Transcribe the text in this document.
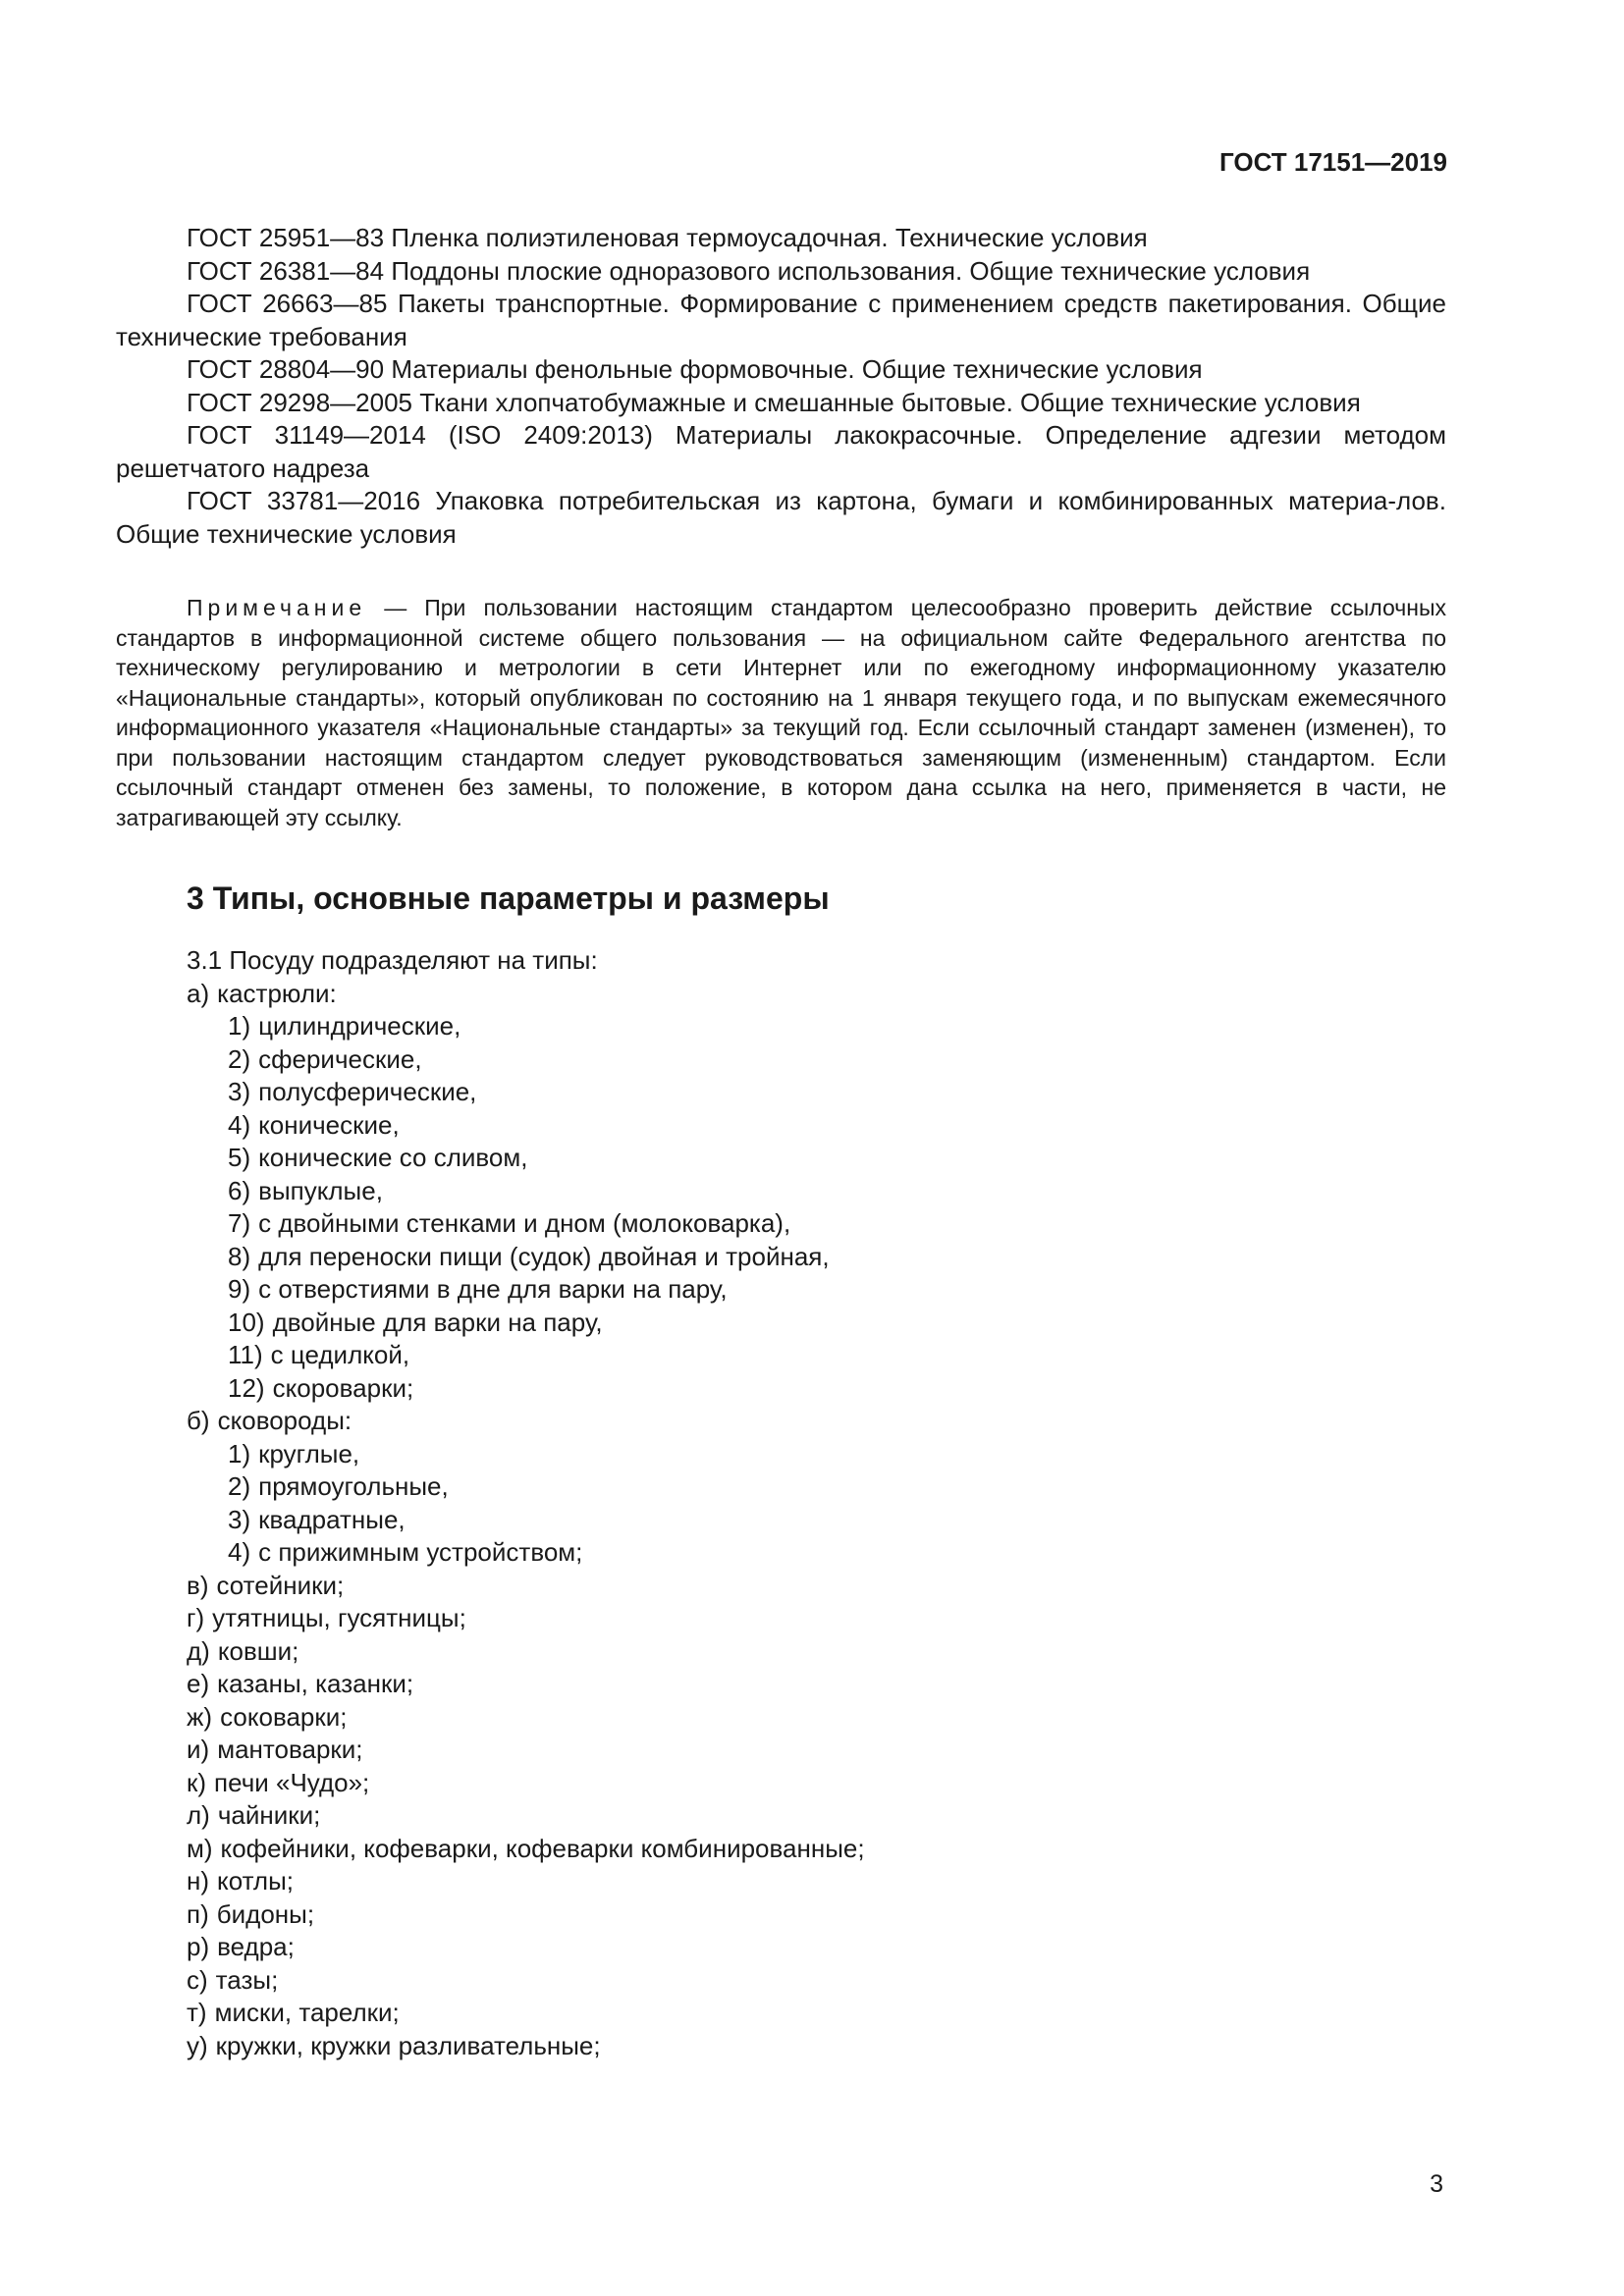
ГОСТ 17151—2019

ГОСТ 25951—83 Пленка полиэтиленовая термоусадочная. Технические условия

ГОСТ 26381—84 Поддоны плоские одноразового использования. Общие технические условия

ГОСТ 26663—85 Пакеты транспортные. Формирование с применением средств пакетирования. Общие технические требования

ГОСТ 28804—90 Материалы фенольные формовочные. Общие технические условия

ГОСТ 29298—2005 Ткани хлопчатобумажные и смешанные бытовые. Общие технические условия

ГОСТ 31149—2014 (ISO 2409:2013) Материалы лакокрасочные. Определение адгезии методом решетчатого надреза

ГОСТ 33781—2016 Упаковка потребительская из картона, бумаги и комбинированных материа-лов. Общие технические условия

Примечание — При пользовании настоящим стандартом целесообразно проверить действие ссылочных стандартов в информационной системе общего пользования — на официальном сайте Федерального агентства по техническому регулированию и метрологии в сети Интернет или по ежегодному информационному указателю «Национальные стандарты», который опубликован по состоянию на 1 января текущего года, и по выпускам ежемесячного информационного указателя «Национальные стандарты» за текущий год. Если ссылочный стандарт заменен (изменен), то при пользовании настоящим стандартом следует руководствоваться заменяющим (измененным) стандартом. Если ссылочный стандарт отменен без замены, то положение, в котором дана ссылка на него, применяется в части, не затрагивающей эту ссылку.

3 Типы, основные параметры и размеры

3.1 Посуду подразделяют на типы:

а) кастрюли:

1) цилиндрические,

2) сферические,

3) полусферические,

4) конические,

5) конические со сливом,

6) выпуклые,

7) с двойными стенками и дном (молоковарка),

8) для переноски пищи (судок) двойная и тройная,

9) с отверстиями в дне для варки на пару,

10) двойные для варки на пару,

11) с цедилкой,

12) скороварки;

б) сковороды:

1) круглые,

2) прямоугольные,

3) квадратные,

4) с прижимным устройством;

в) сотейники;

г) утятницы, гусятницы;

д) ковши;

е) казаны, казанки;

ж) соковарки;

и) мантоварки;

к) печи «Чудо»;

л) чайники;

м) кофейники, кофеварки, кофеварки комбинированные;

н) котлы;

п) бидоны;

р) ведра;

с) тазы;

т) миски, тарелки;

у) кружки, кружки разливательные;

3
